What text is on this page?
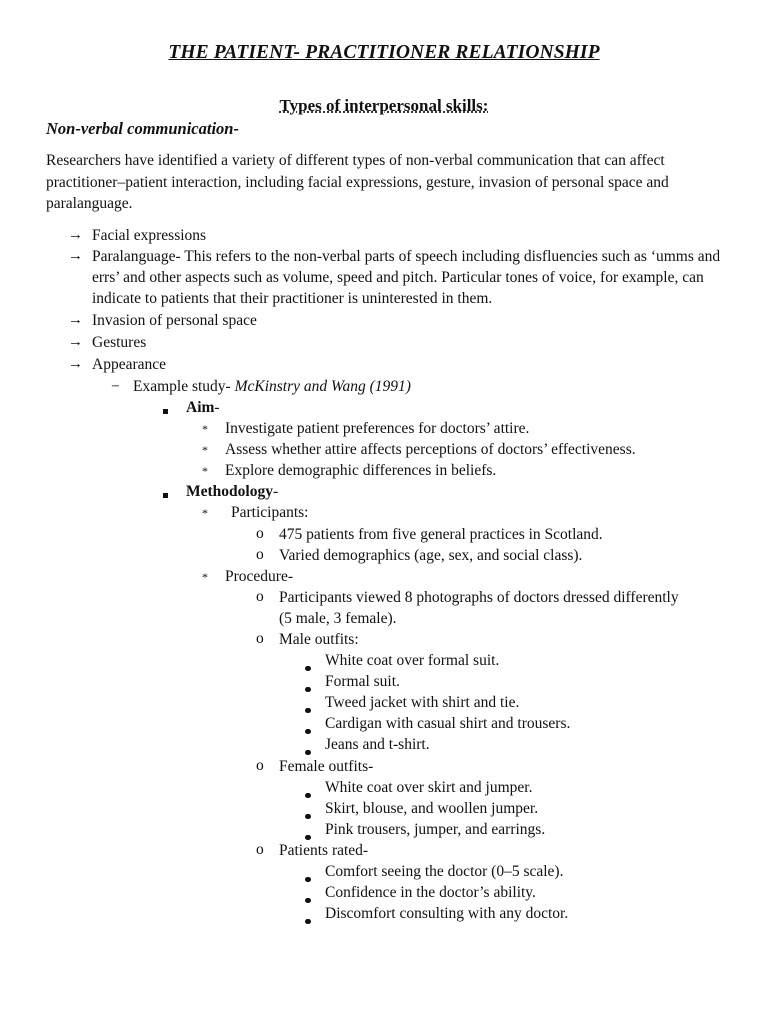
THE PATIENT- PRACTITIONER RELATIONSHIP
Types of interpersonal skills:
Non-verbal communication-
Researchers have identified a variety of different types of non-verbal communication that can affect practitioner–patient interaction, including facial expressions, gesture, invasion of personal space and paralanguage.
→ Facial expressions
→ Paralanguage- This refers to the non-verbal parts of speech including disfluencies such as ‘umms and errs’ and other aspects such as volume, speed and pitch. Particular tones of voice, for example, can indicate to patients that their practitioner is uninterested in them.
→ Invasion of personal space
→ Gestures
→ Appearance
− Example study- McKinstry and Wang (1991)
Aim-
* Investigate patient preferences for doctors’ attire.
* Assess whether attire affects perceptions of doctors’ effectiveness.
* Explore demographic differences in beliefs.
Methodology-
* Participants:
o 475 patients from five general practices in Scotland.
o Varied demographics (age, sex, and social class).
* Procedure-
o Participants viewed 8 photographs of doctors dressed differently
(5 male, 3 female).
o Male outfits:
White coat over formal suit.
Formal suit.
Tweed jacket with shirt and tie.
Cardigan with casual shirt and trousers.
Jeans and t-shirt.
o Female outfits-
White coat over skirt and jumper.
Skirt, blouse, and woollen jumper.
Pink trousers, jumper, and earrings.
o Patients rated-
Comfort seeing the doctor (0–5 scale).
Confidence in the doctor’s ability.
Discomfort consulting with any doctor.
